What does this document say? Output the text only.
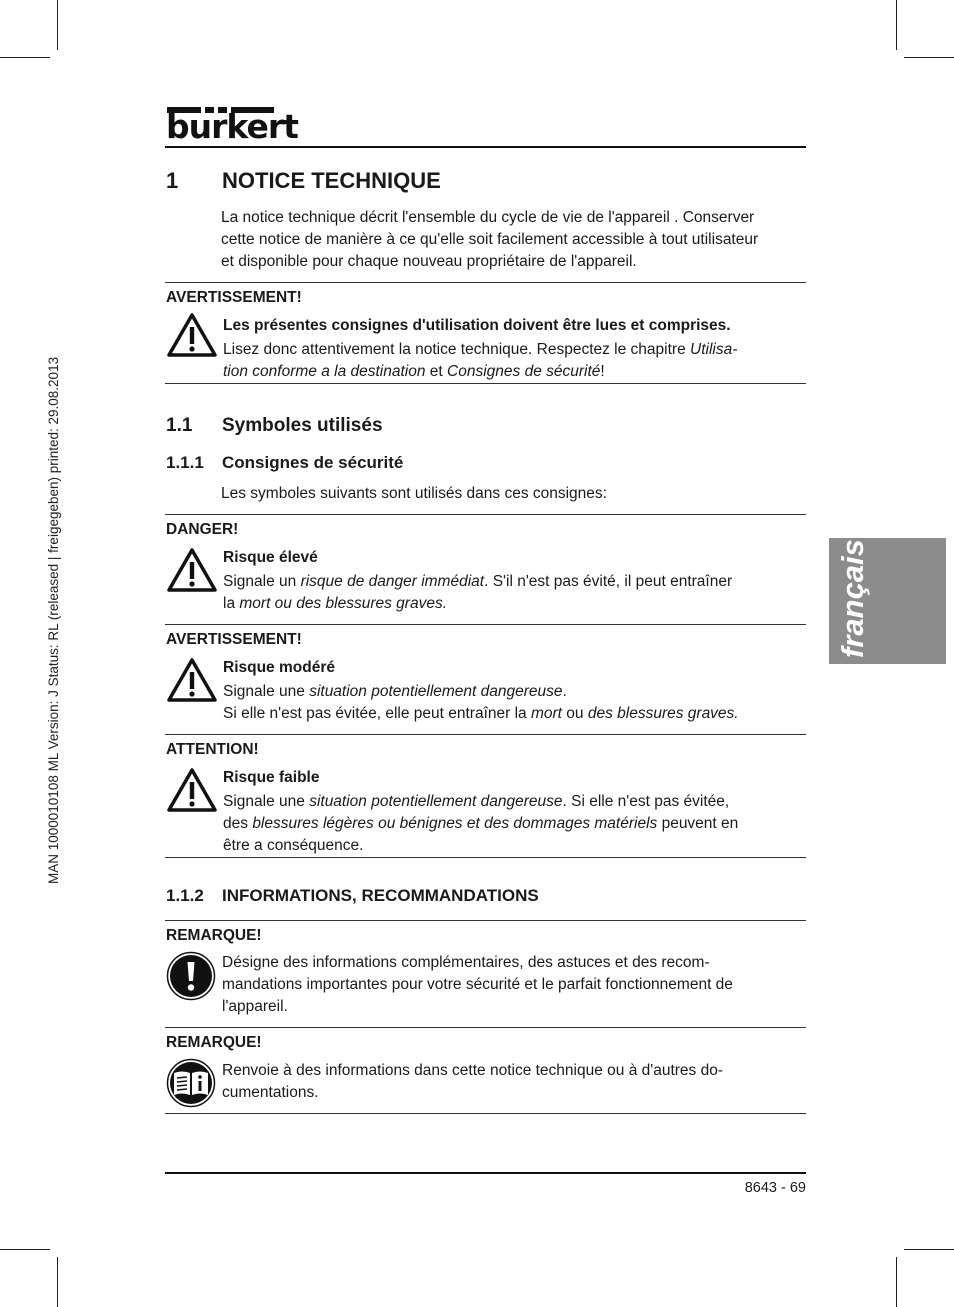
burkert
MAN 1000010108 ML Version: J Status: RL (released | freigegeben) printed: 29.08.2013	français
1 NOTICE TECHNIQUE
La notice technique décrit l'ensemble du cycle de vie de l'appareil . Conserver
cette notice de manière à ce qu'elle soit facilement accessible à tout utilisateur
et disponible pour chaque nouveau propriétaire de l'appareil.
AVERTISSEMENT!
Les présentes consignes d'utilisation doivent être lues et comprises.
Lisez donc attentivement la notice technique. Respectez le chapitre Utilisa-
tion conforme a la destination et Consignes de sécurité!
1.1 Symboles utilisés
1.1.1 Consignes de sécurité
Les symboles suivants sont utilisés dans ces consignes:
DANGER!
Risque élevé
Signale un risque de danger immédiat. S'il n'est pas évité, il peut entraîner
la mort ou des blessures graves.
AVERTISSEMENT!
Risque modéré
Signale une situation potentiellement dangereuse.
Si elle n'est pas évitée, elle peut entraîner la mort ou des blessures graves.
ATTENTION!
Risque faible
Signale une situation potentiellement dangereuse. Si elle n'est pas évitée,
des blessures légères ou bénignes et des dommages matériels peuvent en
être a conséquence.
1.1.2 INFORMATIONS, RECOMMANDATIONS
REMARQUE!
Désigne des informations complémentaires, des astuces et des recom-
mandations importantes pour votre sécurité et le parfait fonctionnement de
l'appareil.
REMARQUE!
Renvoie à des informations dans cette notice technique ou à d'autres do-
cumentations.
8643 - 69
